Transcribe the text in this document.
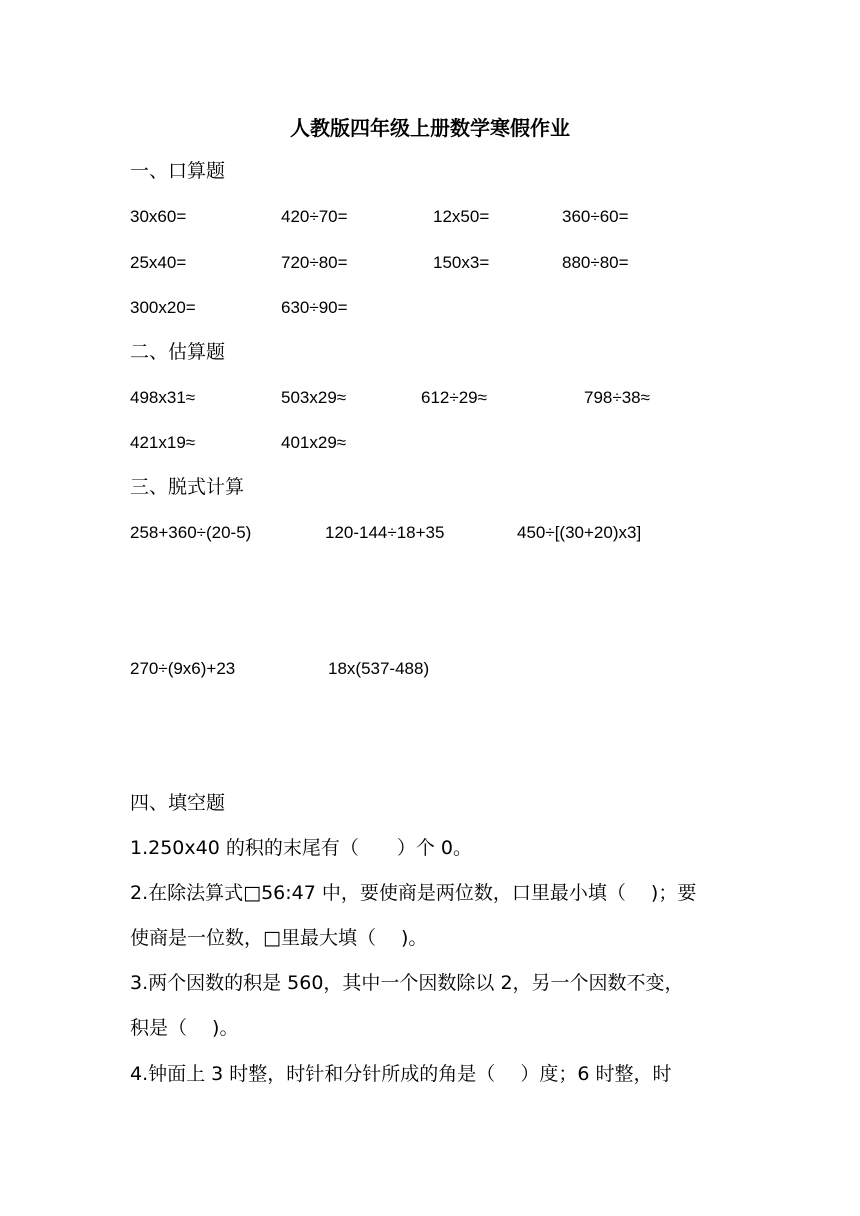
人教版四年级上册数学寒假作业
一、口算题
30x60=	420÷70=	12x50=	360÷60=
25x40=	720÷80=	150x3=	880÷80=
300x20=	630÷90=
二、估算题
498x31≈	503x29≈	612÷29≈	798÷38≈
421x19≈	401x29≈
三、脱式计算
258+360÷(20-5)	120-144÷18+35	450÷[(30+20)x3]
270÷(9x6)+23	18x(537-488)
四、填空题
1.250x40 的积的末尾有（　　）个 0。
2.在除法算式□56:47 中，要使商是两位数，口里最小填（　 )；要
使商是一位数，□里最大填（　 )。
3.两个因数的积是 560，其中一个因数除以 2，另一个因数不变，
积是（　 )。
4.钟面上 3 时整，时针和分针所成的角是（　 ）度；6 时整，时
